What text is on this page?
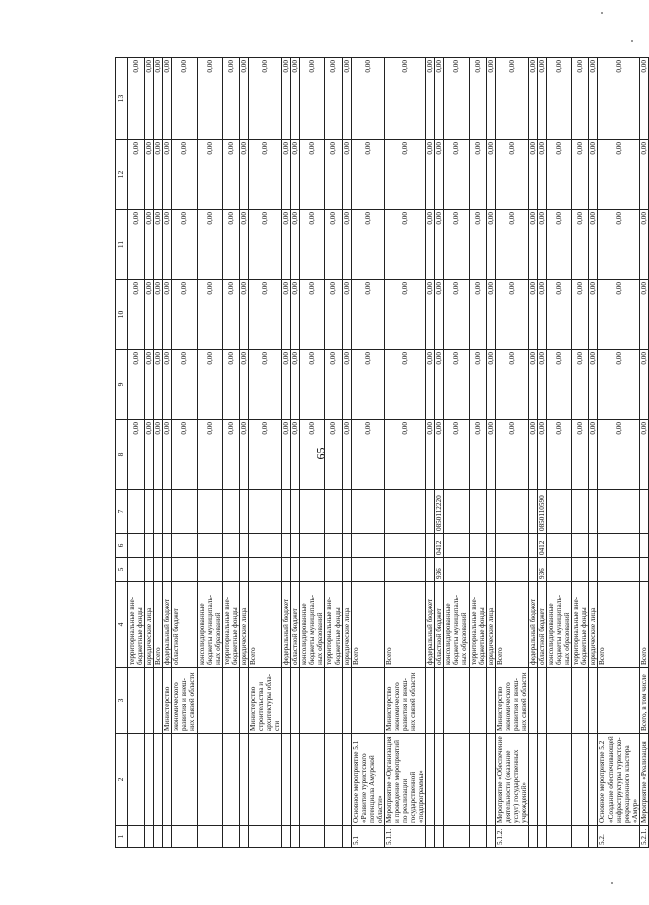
65
1	2	3	4	5	6	7	8	9	10	11	12	13
			территориальные вне-бюджетные фонды				0,00	0,00	0,00	0,00	0,00	0,00
			юридические лица				0,00	0,00	0,00	0,00	0,00	0,00
			Всего				0,00	0,00	0,00	0,00	0,00	0,00
		Министерство	федеральный бюджет				0,00	0,00	0,00	0,00	0,00	0,00
		экономического развития и внеш-них связей области	областной бюджет				0,00	0,00	0,00	0,00	0,00	0,00
			консолидированные бюджеты муниципаль-ных образований				0,00	0,00	0,00	0,00	0,00	0,00
			территориальные вне-бюджетные фонды				0,00	0,00	0,00	0,00	0,00	0,00
			юридические лица				0,00	0,00	0,00	0,00	0,00	0,00
		Министерство строительства и архитектуры обла-сти	Всего				0,00	0,00	0,00	0,00	0,00	0,00
			федеральный бюджет				0,00	0,00	0,00	0,00	0,00	0,00
			областной бюджет				0,00	0,00	0,00	0,00	0,00	0,00
			консолидированные бюджеты муниципаль-ных образований				0,00	0,00	0,00	0,00	0,00	0,00
			территориальные вне-бюджетные фонды				0,00	0,00	0,00	0,00	0,00	0,00
			юридические лица				0,00	0,00	0,00	0,00	0,00	0,00
5.1	Основное мероприятие 5.1 «Развитие туристского потенциала Амурской области»		Всего				0,00	0,00	0,00	0,00	0,00	0,00
5.1.1.	Мероприятие «Организация и проведение мероприятий по реализации государственной «подпрограммы»	Министерство экономического развития и внеш-них связей области	Всего				0,00	0,00	0,00	0,00	0,00	0,00
			федеральный бюджет				0,00	0,00	0,00	0,00	0,00	0,00
			областной бюджет	936	0412	0850112220	0,00	0,00	0,00	0,00	0,00	0,00
			консолидированные бюджеты муниципаль-ных образований				0,00	0,00	0,00	0,00	0,00	0,00
			территориальные вне-бюджетные фонды				0,00	0,00	0,00	0,00	0,00	0,00
			юридические лица				0,00	0,00	0,00	0,00	0,00	0,00
5.1.2.	Мероприятие «Обеспечение деятельности (оказание услуг) государственных учреждений»	Министерство экономического развития и внеш-них связей области	Всего				0,00	0,00	0,00	0,00	0,00	0,00
			федеральный бюджет				0,00	0,00	0,00	0,00	0,00	0,00
			областной бюджет	936	0412	0850110590	0,00	0,00	0,00	0,00	0,00	0,00
			консолидированные бюджеты муниципаль-ных образований				0,00	0,00	0,00	0,00	0,00	0,00
			территориальные вне-бюджетные фонды				0,00	0,00	0,00	0,00	0,00	0,00
			юридические лица				0,00	0,00	0,00	0,00	0,00	0,00
5.2.	Основное мероприятие 5.2 «Создание обеспечивающей инфраструктуры туристско-рекреационного кластера «Амур»		Всего				0,00	0,00	0,00	0,00	0,00	0,00
5.2.1.	Мероприятие «Реализация	Всего, в том числе	Всего				0,00	0,00	0,00	0,00	0,00	0,00
